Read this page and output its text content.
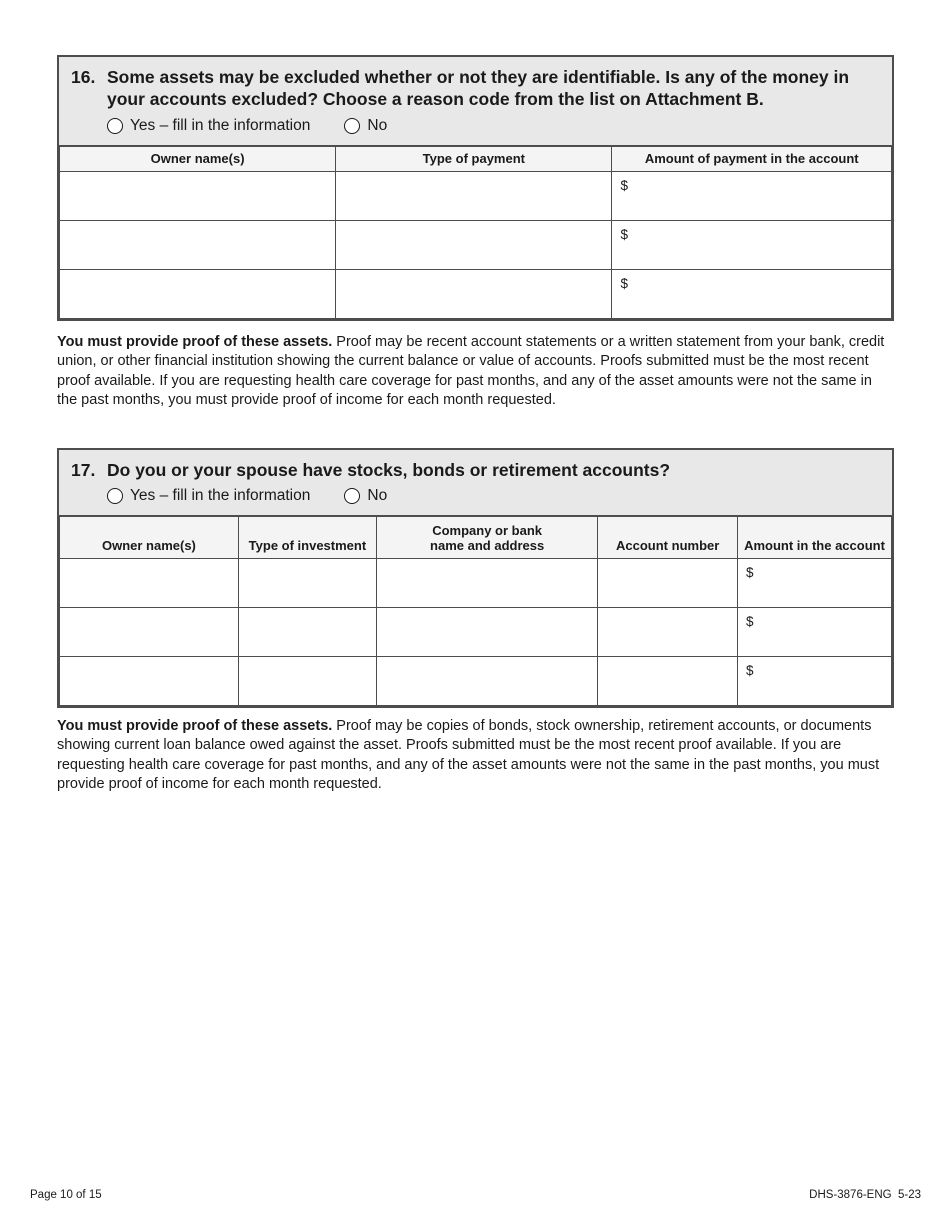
16. Some assets may be excluded whether or not they are identifiable. Is any of the money in your accounts excluded? Choose a reason code from the list on Attachment B.
Yes – fill in the information	No
Owner name(s)	Type of payment	Amount of payment in the account
		$
		$
		$

You must provide proof of these assets. Proof may be recent account statements or a written statement from your bank, credit union, or other financial institution showing the current balance or value of accounts. Proofs submitted must be the most recent proof available. If you are requesting health care coverage for past months, and any of the asset amounts were not the same in the past months, you must provide proof of income for each month requested.

17. Do you or your spouse have stocks, bonds or retirement accounts?
Yes – fill in the information	No
Owner name(s)	Type of investment	Company or bank name and address	Account number	Amount in the account
				$
				$
				$

You must provide proof of these assets. Proof may be copies of bonds, stock ownership, retirement accounts, or documents showing current loan balance owed against the asset. Proofs submitted must be the most recent proof available. If you are requesting health care coverage for past months, and any of the asset amounts were not the same in the past months, you must provide proof of income for each month requested.

Page 10 of 15	DHS-3876-ENG  5-23
